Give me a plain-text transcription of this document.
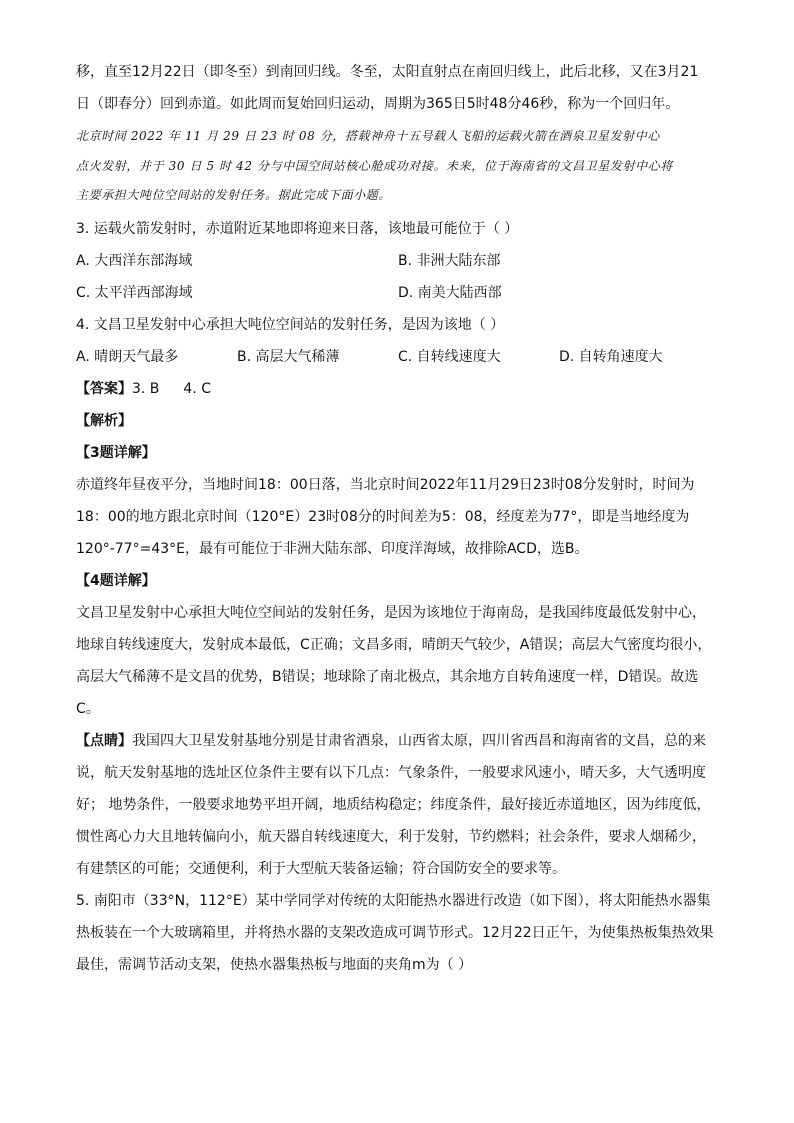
移，直至12月22日（即冬至）到南回归线。冬至，太阳直射点在南回归线上，此后北移，又在3月21
日（即春分）回到赤道。如此周而复始回归运动，周期为365日5时48分46秒，称为一个回归年。
北京时间 2022 年 11 月 29 日 23 时 08 分，搭载神舟十五号载人飞船的运载火箭在酒泉卫星发射中心
点火发射，并于 30 日 5 时 42 分与中国空间站核心舱成功对接。未来，位于海南省的文昌卫星发射中心将
主要承担大吨位空间站的发射任务。据此完成下面小题。
3. 运载火箭发射时，赤道附近某地即将迎来日落，该地最可能位于（ ）
A. 大西洋东部海域	B. 非洲大陆东部
C. 太平洋西部海域	D. 南美大陆西部
4. 文昌卫星发射中心承担大吨位空间站的发射任务，是因为该地（ ）
A. 晴朗天气最多	B. 高层大气稀薄	C. 自转线速度大	D. 自转角速度大
【答案】3. B 4. C
【解析】
【3题详解】
赤道终年昼夜平分，当地时间18：00日落，当北京时间2022年11月29日23时08分发射时，时间为
18：00的地方跟北京时间（120°E）23时08分的时间差为5：08，经度差为77°，即是当地经度为
120°-77°=43°E，最有可能位于非洲大陆东部、印度洋海域，故排除ACD，选B。
【4题详解】
文昌卫星发射中心承担大吨位空间站的发射任务，是因为该地位于海南岛，是我国纬度最低发射中心，
地球自转线速度大，发射成本最低，C正确；文昌多雨，晴朗天气较少，A错误；高层大气密度均很小，
高层大气稀薄不是文昌的优势，B错误；地球除了南北极点，其余地方自转角速度一样，D错误。故选
C。
【点睛】我国四大卫星发射基地分别是甘肃省酒泉，山西省太原，四川省西昌和海南省的文昌，总的来
说，航天发射基地的选址区位条件主要有以下几点：气象条件，一般要求风速小，晴天多，大气透明度
好； 地势条件，一般要求地势平坦开阔，地质结构稳定；纬度条件，最好接近赤道地区，因为纬度低，
惯性离心力大且地转偏向小，航天器自转线速度大，利于发射，节约燃料；社会条件，要求人烟稀少，
有建禁区的可能；交通便利，利于大型航天装备运输；符合国防安全的要求等。
5. 南阳市（33°N，112°E）某中学同学对传统的太阳能热水器进行改造（如下图），将太阳能热水器集
热板装在一个大玻璃箱里，并将热水器的支架改造成可调节形式。12月22日正午，为使集热板集热效果
最佳，需调节活动支架，使热水器集热板与地面的夹角m为（ ）
